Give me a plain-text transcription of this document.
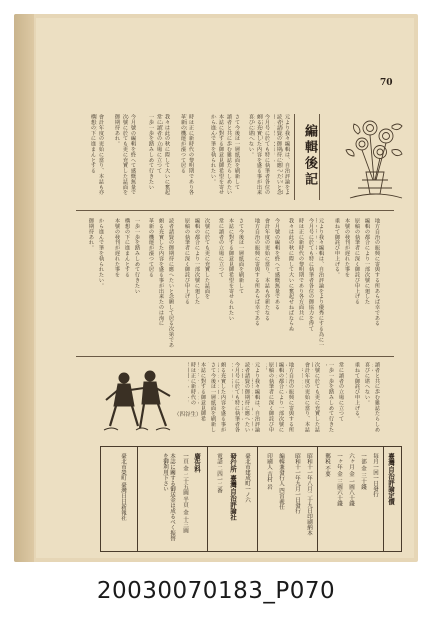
70
編輯後記
元より我々編輯は、自治評論をよ
読者諸賢の御期待に應へたいと念
今月号に於ても特に執筆者各位の
頗る充實した内容を盛る事が出来
喜びに堪へない。
さて今後は一層紙面を刷新して
讀者と共に歩む雑誌たらしめたい
本誌に對する御意見御希望を寄せ
から進んで筆を執られたい。
時は正に新時代の黎明期であり各
革新の機運が漲つて居る
我々は此の秋に際して大いに奮起
常に讀者の立場に立つて
一歩一歩を踏みしめて行きたい
今月號の編輯を終へて感慨無量で
次號に於ても更に充實した誌面を
御期待あれ。
會計年度の更始に當り、本誌も亦
構想の下に進まんとする
地方自治の振興に寄與する所あらば幸である
編輯の都合により一部次號に廻した
原稿の執筆者に深く御詫び申上げる
本號の發刊が遅れた事を
重ねて御詫び申上げる。
元より我々編輯は、自治評論をより優秀にする為に一
今月号に於ても特に執筆者各位の御協力を得て
時は正に新時代の黎明期であり各方面共に
我々は此の秋に際して大いに奮起せねばならぬ
今月號の編輯を終へて感慨無量である
會計年度の更始に當り、本誌も亦新たなる
地方自治の振興に寄與する所あらば幸である
さて今後は一層紙面を刷新して
本誌に對する御意見御希望を寄せられたい
常に讀者の立場に立つて
次號に於ても更に充實した誌面を
編輯の都合により一部次號に廻した
原稿の執筆者に深く御詫び申上げる
読者諸賢の御期待に應へたいと念願して居る次第であ
頗る充實した内容を盛る事が出来たのは洵に
革新の機運が漲つて居る
一歩一歩を踏みしめて行きたい
構想の下に進まんとする
本號の發刊が遅れた事を
から進んで筆を執られたい。
御期待あれ。
讀者と共に歩む雑誌たらしめ
喜びに堪へない。
重ねて御詫び申上げる。
常に讀者の立場に立つて
一歩一歩を踏みしめて行きた
次號に於ても更に充實した誌
會計年度の更始に當り、本誌
地方自治の振興に寄與する所
編輯の都合により一部次號に
原稿の執筆者に深く御詫び申
元より我々編輯は、自治評論
読者諸賢の御期待に應へたい
今月号に於ても特に執筆者各
頗る充實した内容を盛る事が
さて今後は一層紙面を刷新し
本誌に對する御意見御希
時は正に新時代の
（四谷生）
臺灣自治評論定價
毎月一回一日發行
一部 金 三十錢
六ヶ月 金 一圓八十錢
一ヶ年 金 三圓六十錢
郵税 不要
昭和十一年八月二十九日印刷納本
昭和十一年九月一日發行
編輯兼發行人 四宮義任
印刷人 吉村 岩
臺北市建成町一ノ六
發行所 臺灣自治評論社
電話 二四一二番
廣告料
一頁 金 二十五圓 半頁 金 十三圓
本誌に關する御送金は成るべく振替を御利用下さい
臺北市榮町 臺灣日日新報社
20030070183_P070
